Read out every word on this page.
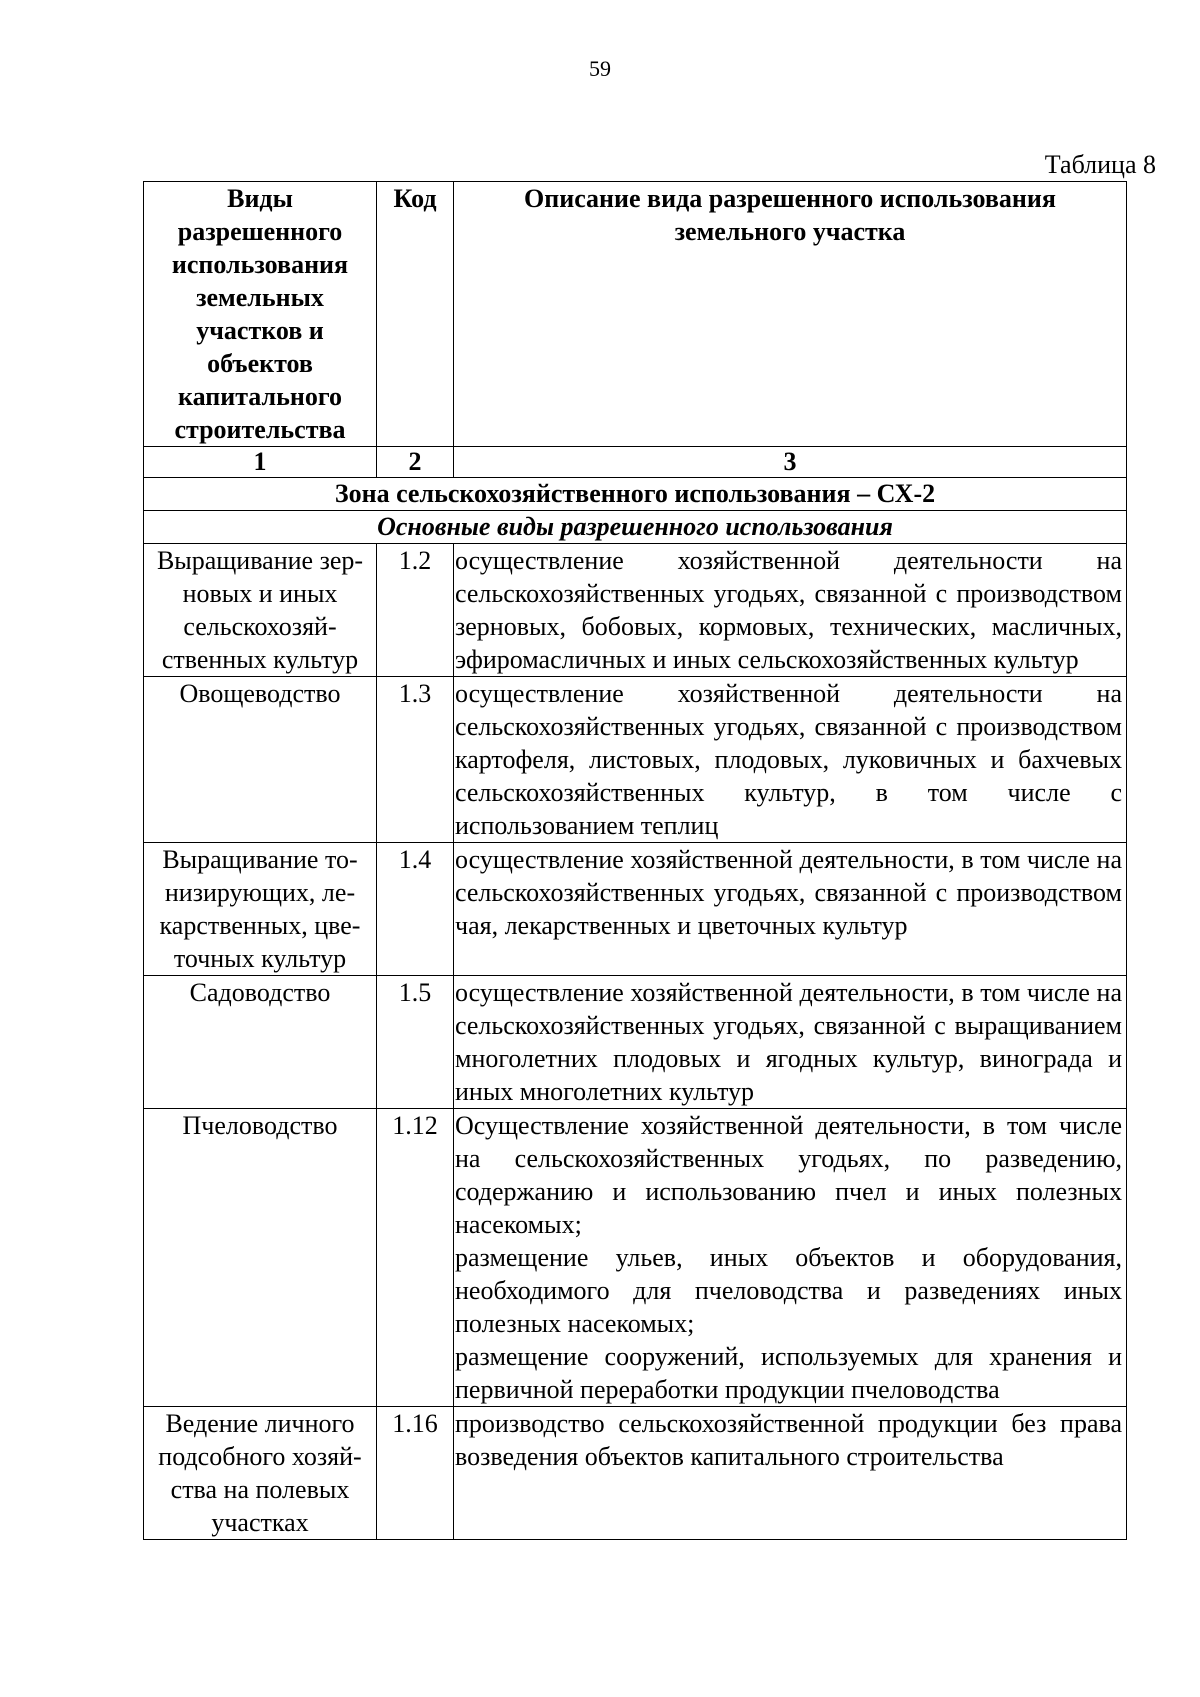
59
Таблица 8
Виды разрешенного использования земельных участков и объектов капитального строительства	Код	Описание вида разрешенного использования земельного участка
1	2	3
Зона сельскохозяйственного использования – СХ-2		
Основные виды разрешенного использования		
Выращивание зерновых и иных сельскохозяйственных культур	1.2	осуществление хозяйственной деятельности на сельскохозяйственных угодьях, связанной с производством зерновых, бобовых, кормовых, технических, масличных, эфиромасличных и иных сельскохозяйственных культур
Овощеводство	1.3	осуществление хозяйственной деятельности на сельскохозяйственных угодьях, связанной с производством картофеля, листовых, плодовых, луковичных и бахчевых сельскохозяйственных культур, в том числе с использованием теплиц
Выращивание тонизирующих, лекарственных, цветочных культур	1.4	осуществление хозяйственной деятельности, в том числе на сельскохозяйственных угодьях, связанной с производством чая, лекарственных и цветочных культур
Садоводство	1.5	осуществление хозяйственной деятельности, в том числе на сельскохозяйственных угодьях, связанной с выращиванием многолетних плодовых и ягодных культур, винограда и иных многолетних культур
Пчеловодство	1.12	Осуществление хозяйственной деятельности, в том числе на сельскохозяйственных угодьях, по разведению, содержанию и использованию пчел и иных полезных насекомых;
размещение ульев, иных объектов и оборудования, необходимого для пчеловодства и разведениях иных полезных насекомых;
размещение сооружений, используемых для хранения и первичной переработки продукции пчеловодства

Ведение личного подсобного хозяйства на полевых участках	1.16	производство сельскохозяйственной продукции без права возведения объектов капитального строительства
